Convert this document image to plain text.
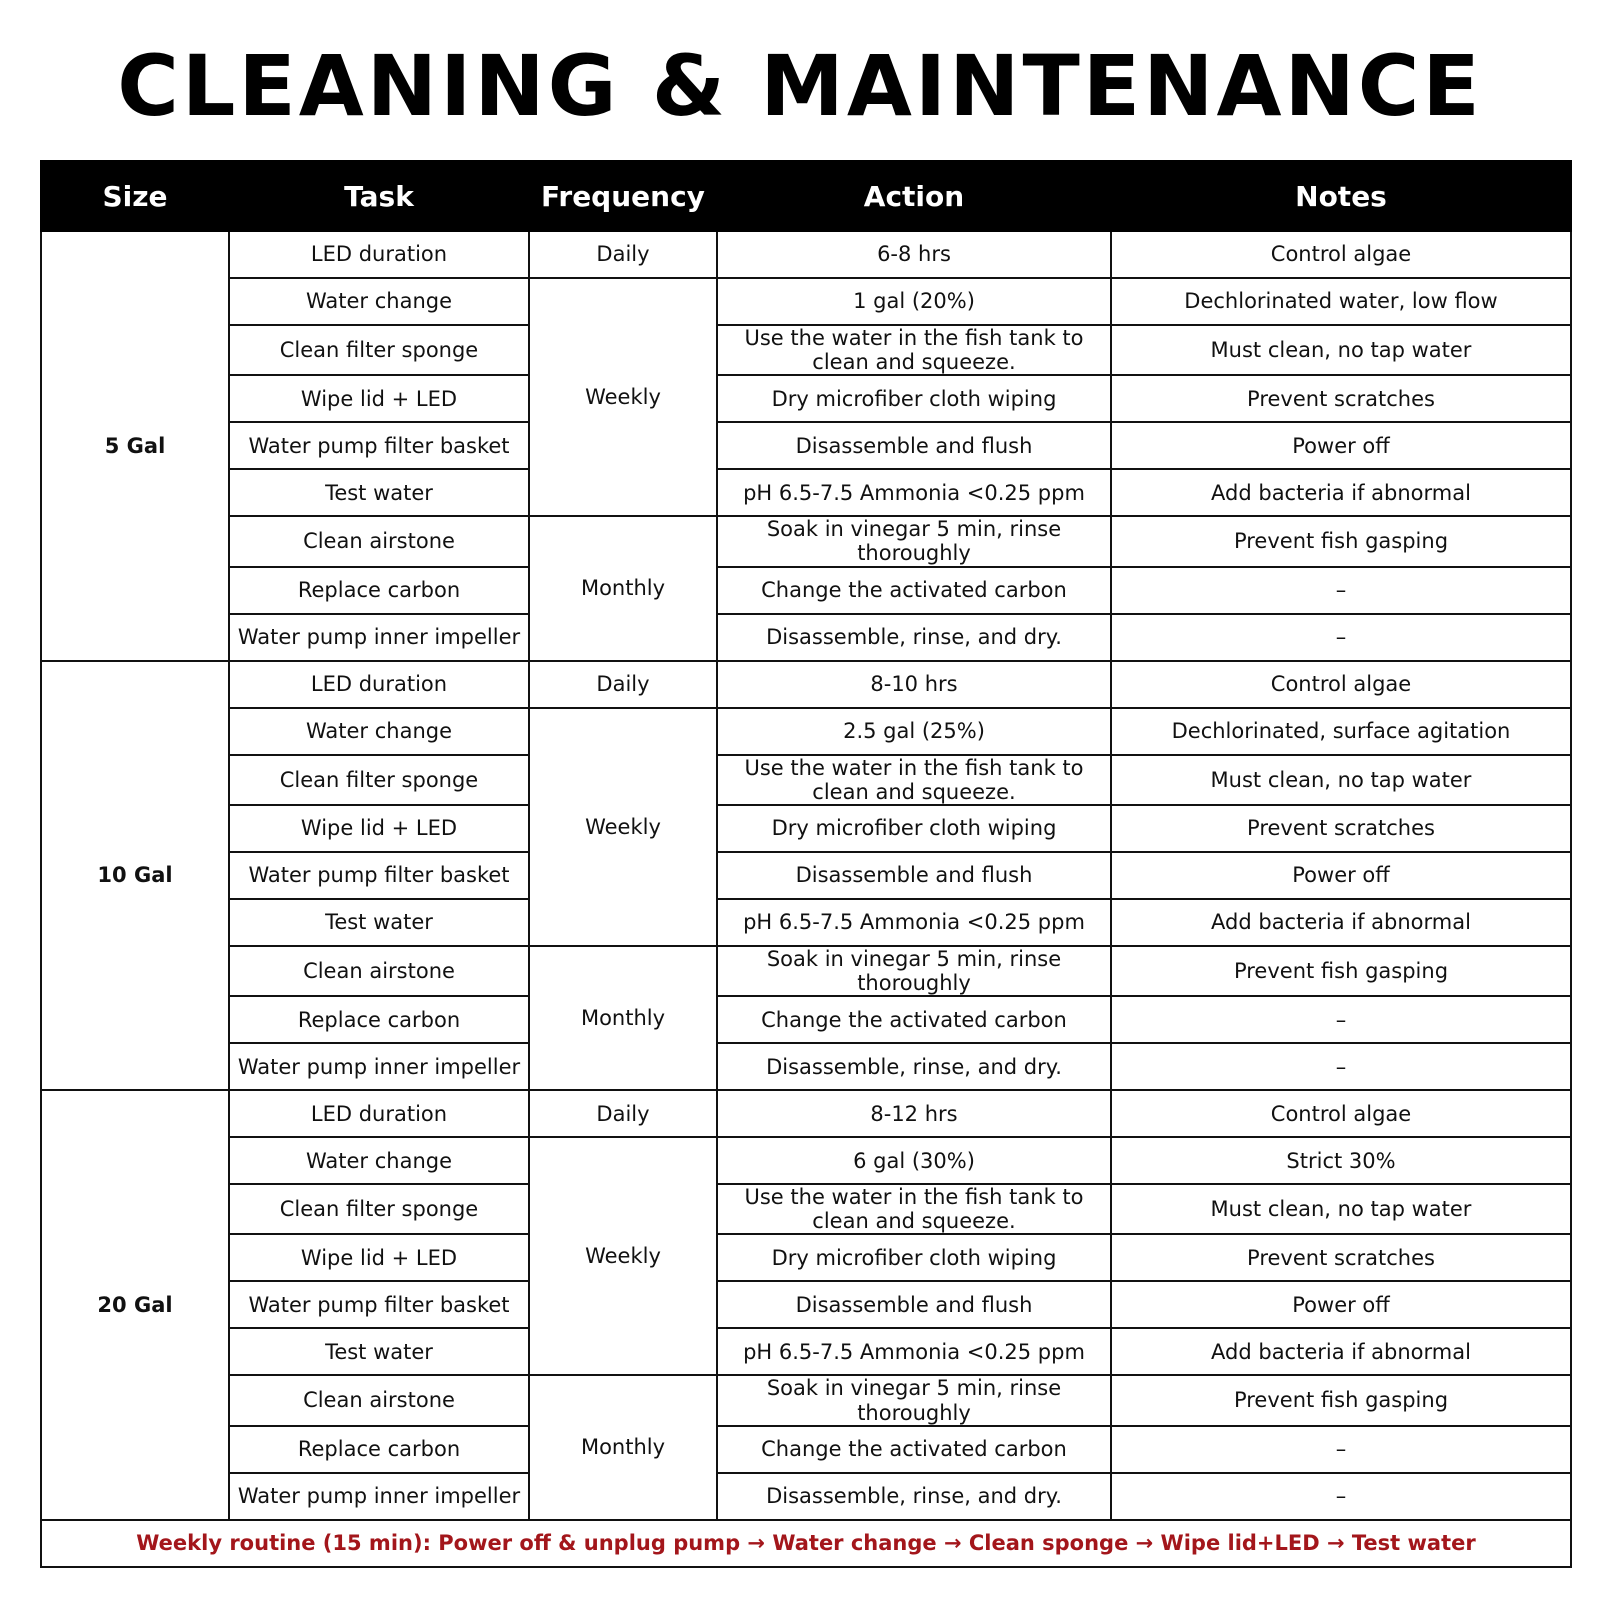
CLEANING & MAINTENANCE
Size	Task	Frequency	Action	Notes
5 Gal	LED duration	Daily	6-8 hrs	Control algae
	Water change	Weekly	1 gal (20%)	Dechlorinated water, low flow
	Clean filter sponge		Use the water in the fish tank to clean and squeeze.	Must clean, no tap water
	Wipe lid + LED		Dry microfiber cloth wiping	Prevent scratches
	Water pump filter basket		Disassemble and flush	Power off
	Test water		pH 6.5-7.5 Ammonia <0.25 ppm	Add bacteria if abnormal
	Clean airstone	Monthly	Soak in vinegar 5 min, rinse thoroughly	Prevent fish gasping
	Replace carbon		Change the activated carbon	–
	Water pump inner impeller		Disassemble, rinse, and dry.	–
10 Gal	LED duration	Daily	8-10 hrs	Control algae
	Water change	Weekly	2.5 gal (25%)	Dechlorinated, surface agitation
	Clean filter sponge		Use the water in the fish tank to clean and squeeze.	Must clean, no tap water
	Wipe lid + LED		Dry microfiber cloth wiping	Prevent scratches
	Water pump filter basket		Disassemble and flush	Power off
	Test water		pH 6.5-7.5 Ammonia <0.25 ppm	Add bacteria if abnormal
	Clean airstone	Monthly	Soak in vinegar 5 min, rinse thoroughly	Prevent fish gasping
	Replace carbon		Change the activated carbon	–
	Water pump inner impeller		Disassemble, rinse, and dry.	–
20 Gal	LED duration	Daily	8-12 hrs	Control algae
	Water change	Weekly	6 gal (30%)	Strict 30%
	Clean filter sponge		Use the water in the fish tank to clean and squeeze.	Must clean, no tap water
	Wipe lid + LED		Dry microfiber cloth wiping	Prevent scratches
	Water pump filter basket		Disassemble and flush	Power off
	Test water		pH 6.5-7.5 Ammonia <0.25 ppm	Add bacteria if abnormal
	Clean airstone	Monthly	Soak in vinegar 5 min, rinse thoroughly	Prevent fish gasping
	Replace carbon		Change the activated carbon	–
	Water pump inner impeller		Disassemble, rinse, and dry.	–
Weekly routine (15 min): Power off & unplug pump → Water change → Clean sponge → Wipe lid+LED → Test water				
